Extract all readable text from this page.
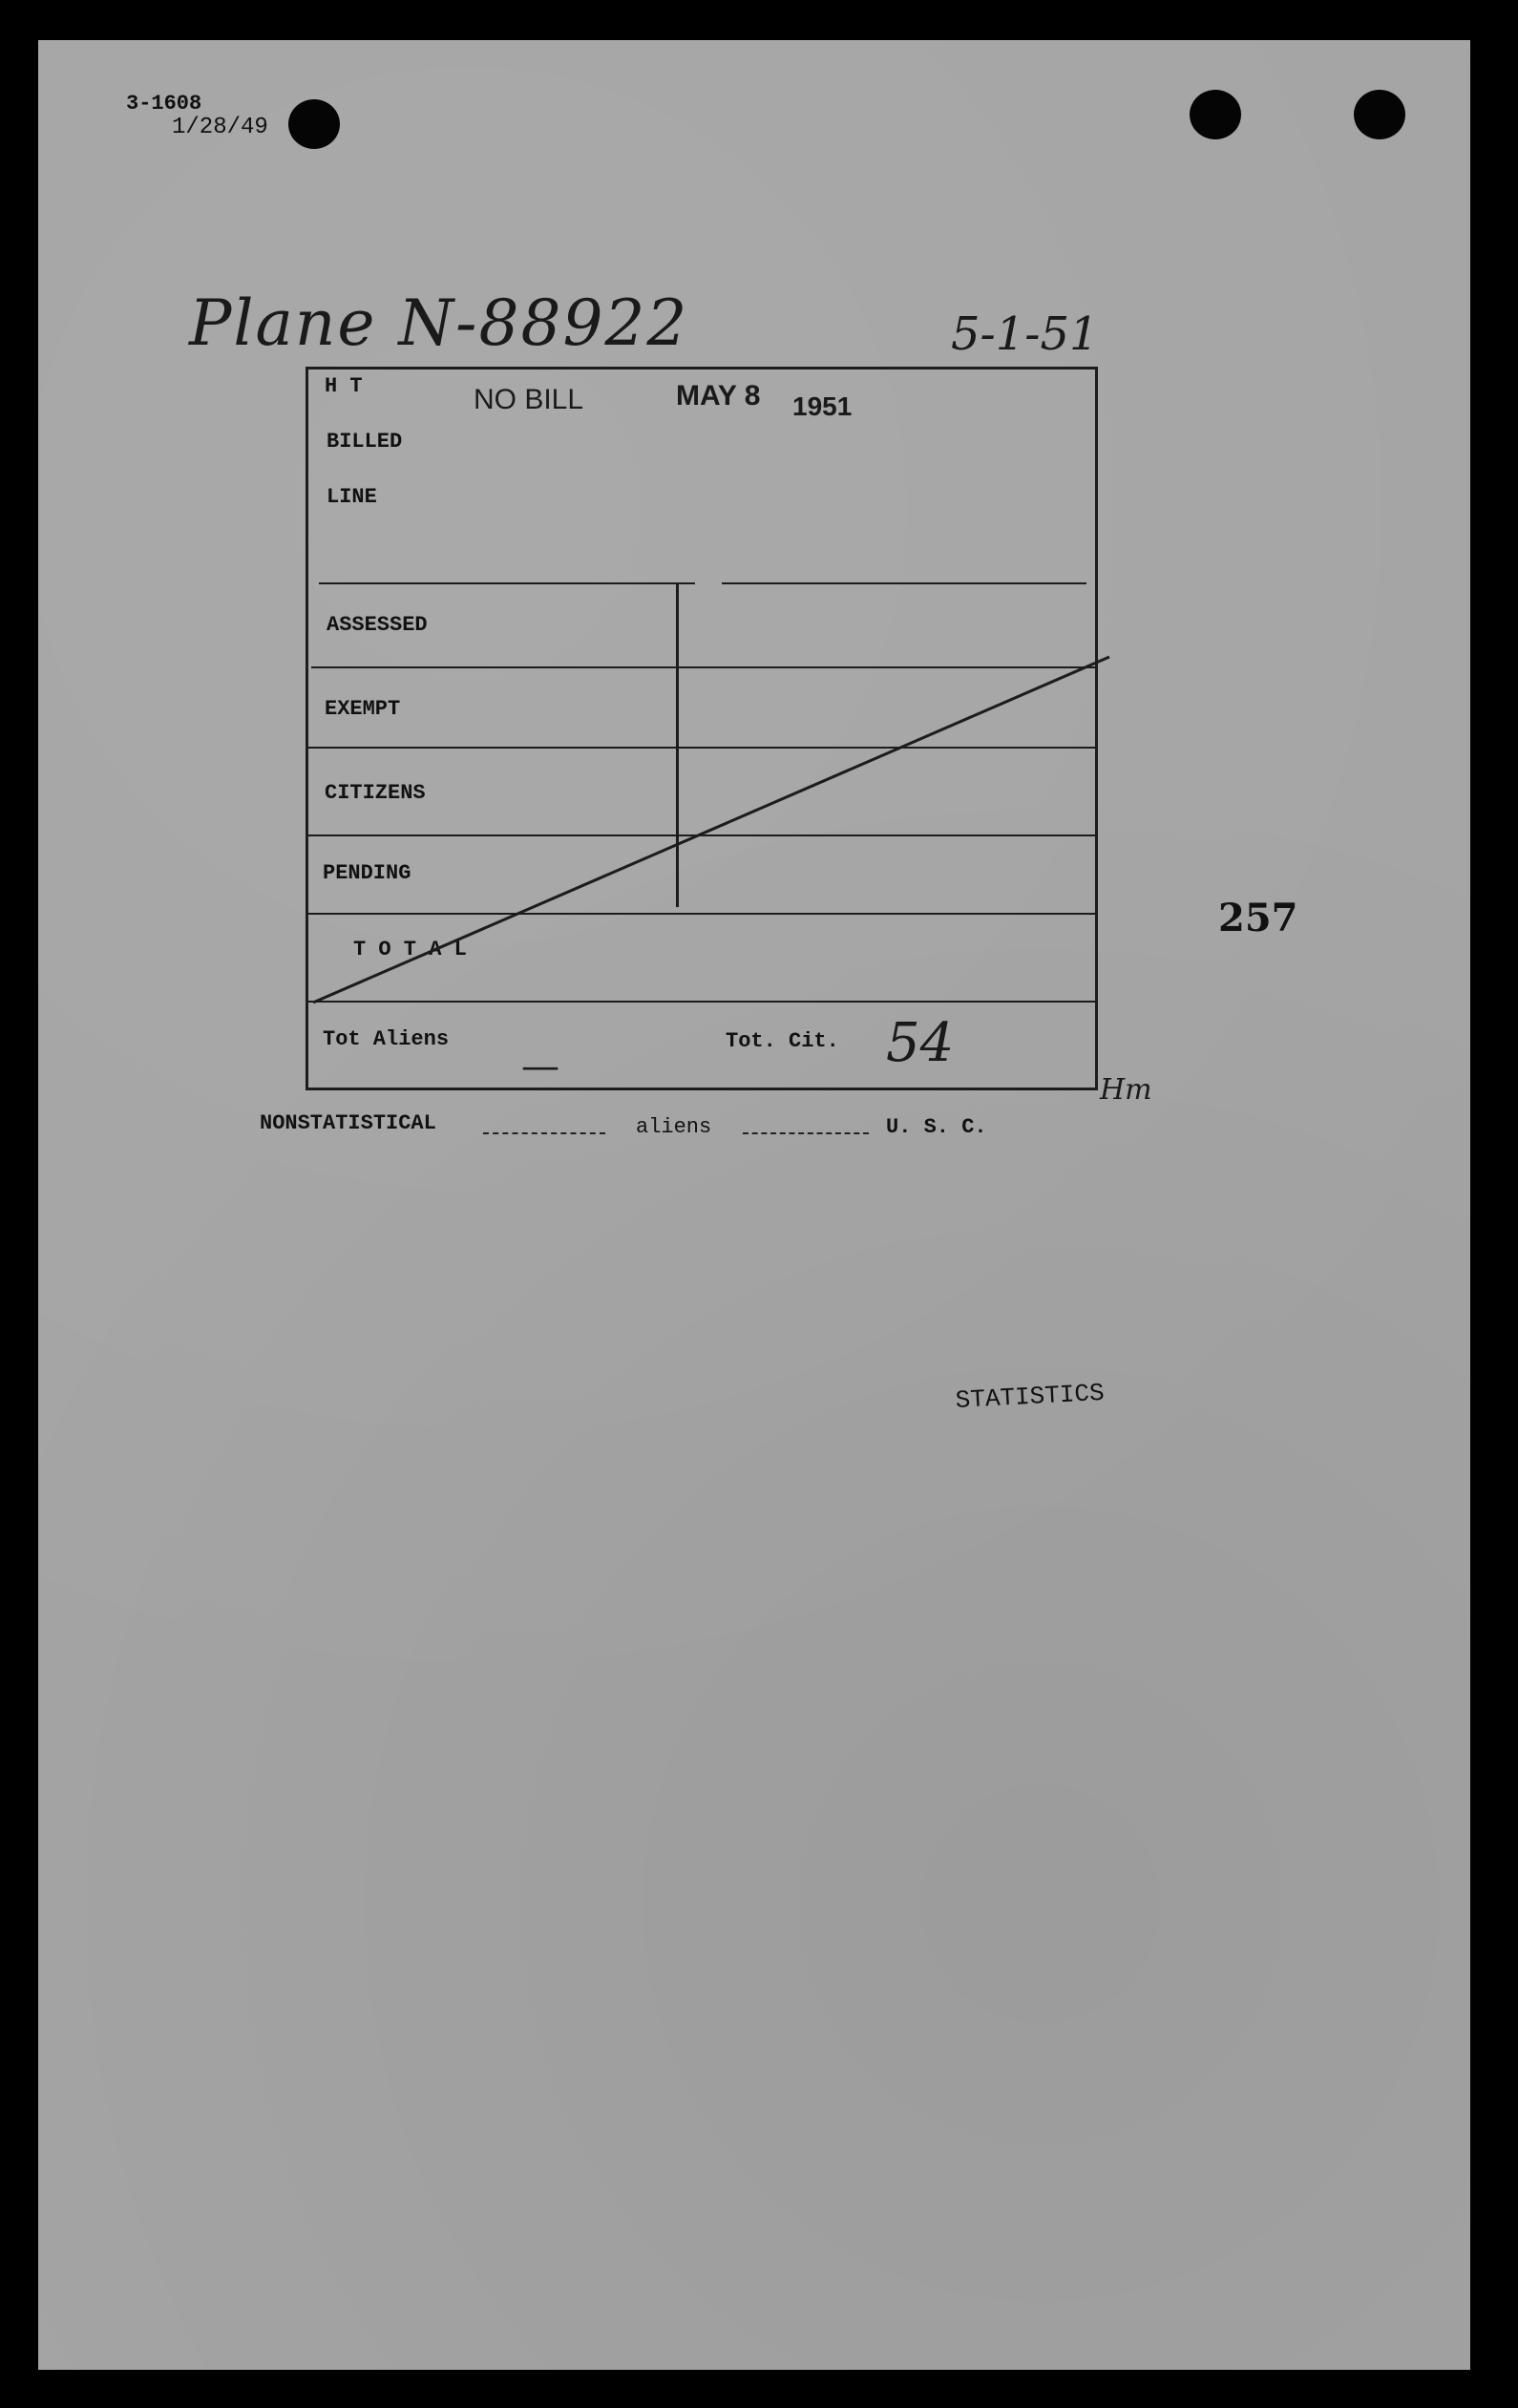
3-1608
1/28/49
Plane N-88922	5-1-51
H T
BILLED
LINE
NO BILL	MAY 8 1951
ASSESSED
EXEMPT
CITIZENS
PENDING
T O T A L
Tot Aliens
—
Tot. Cit. 54
Hm
NONSTATISTICAL	aliens	U. S. C.
257
STATISTICS
